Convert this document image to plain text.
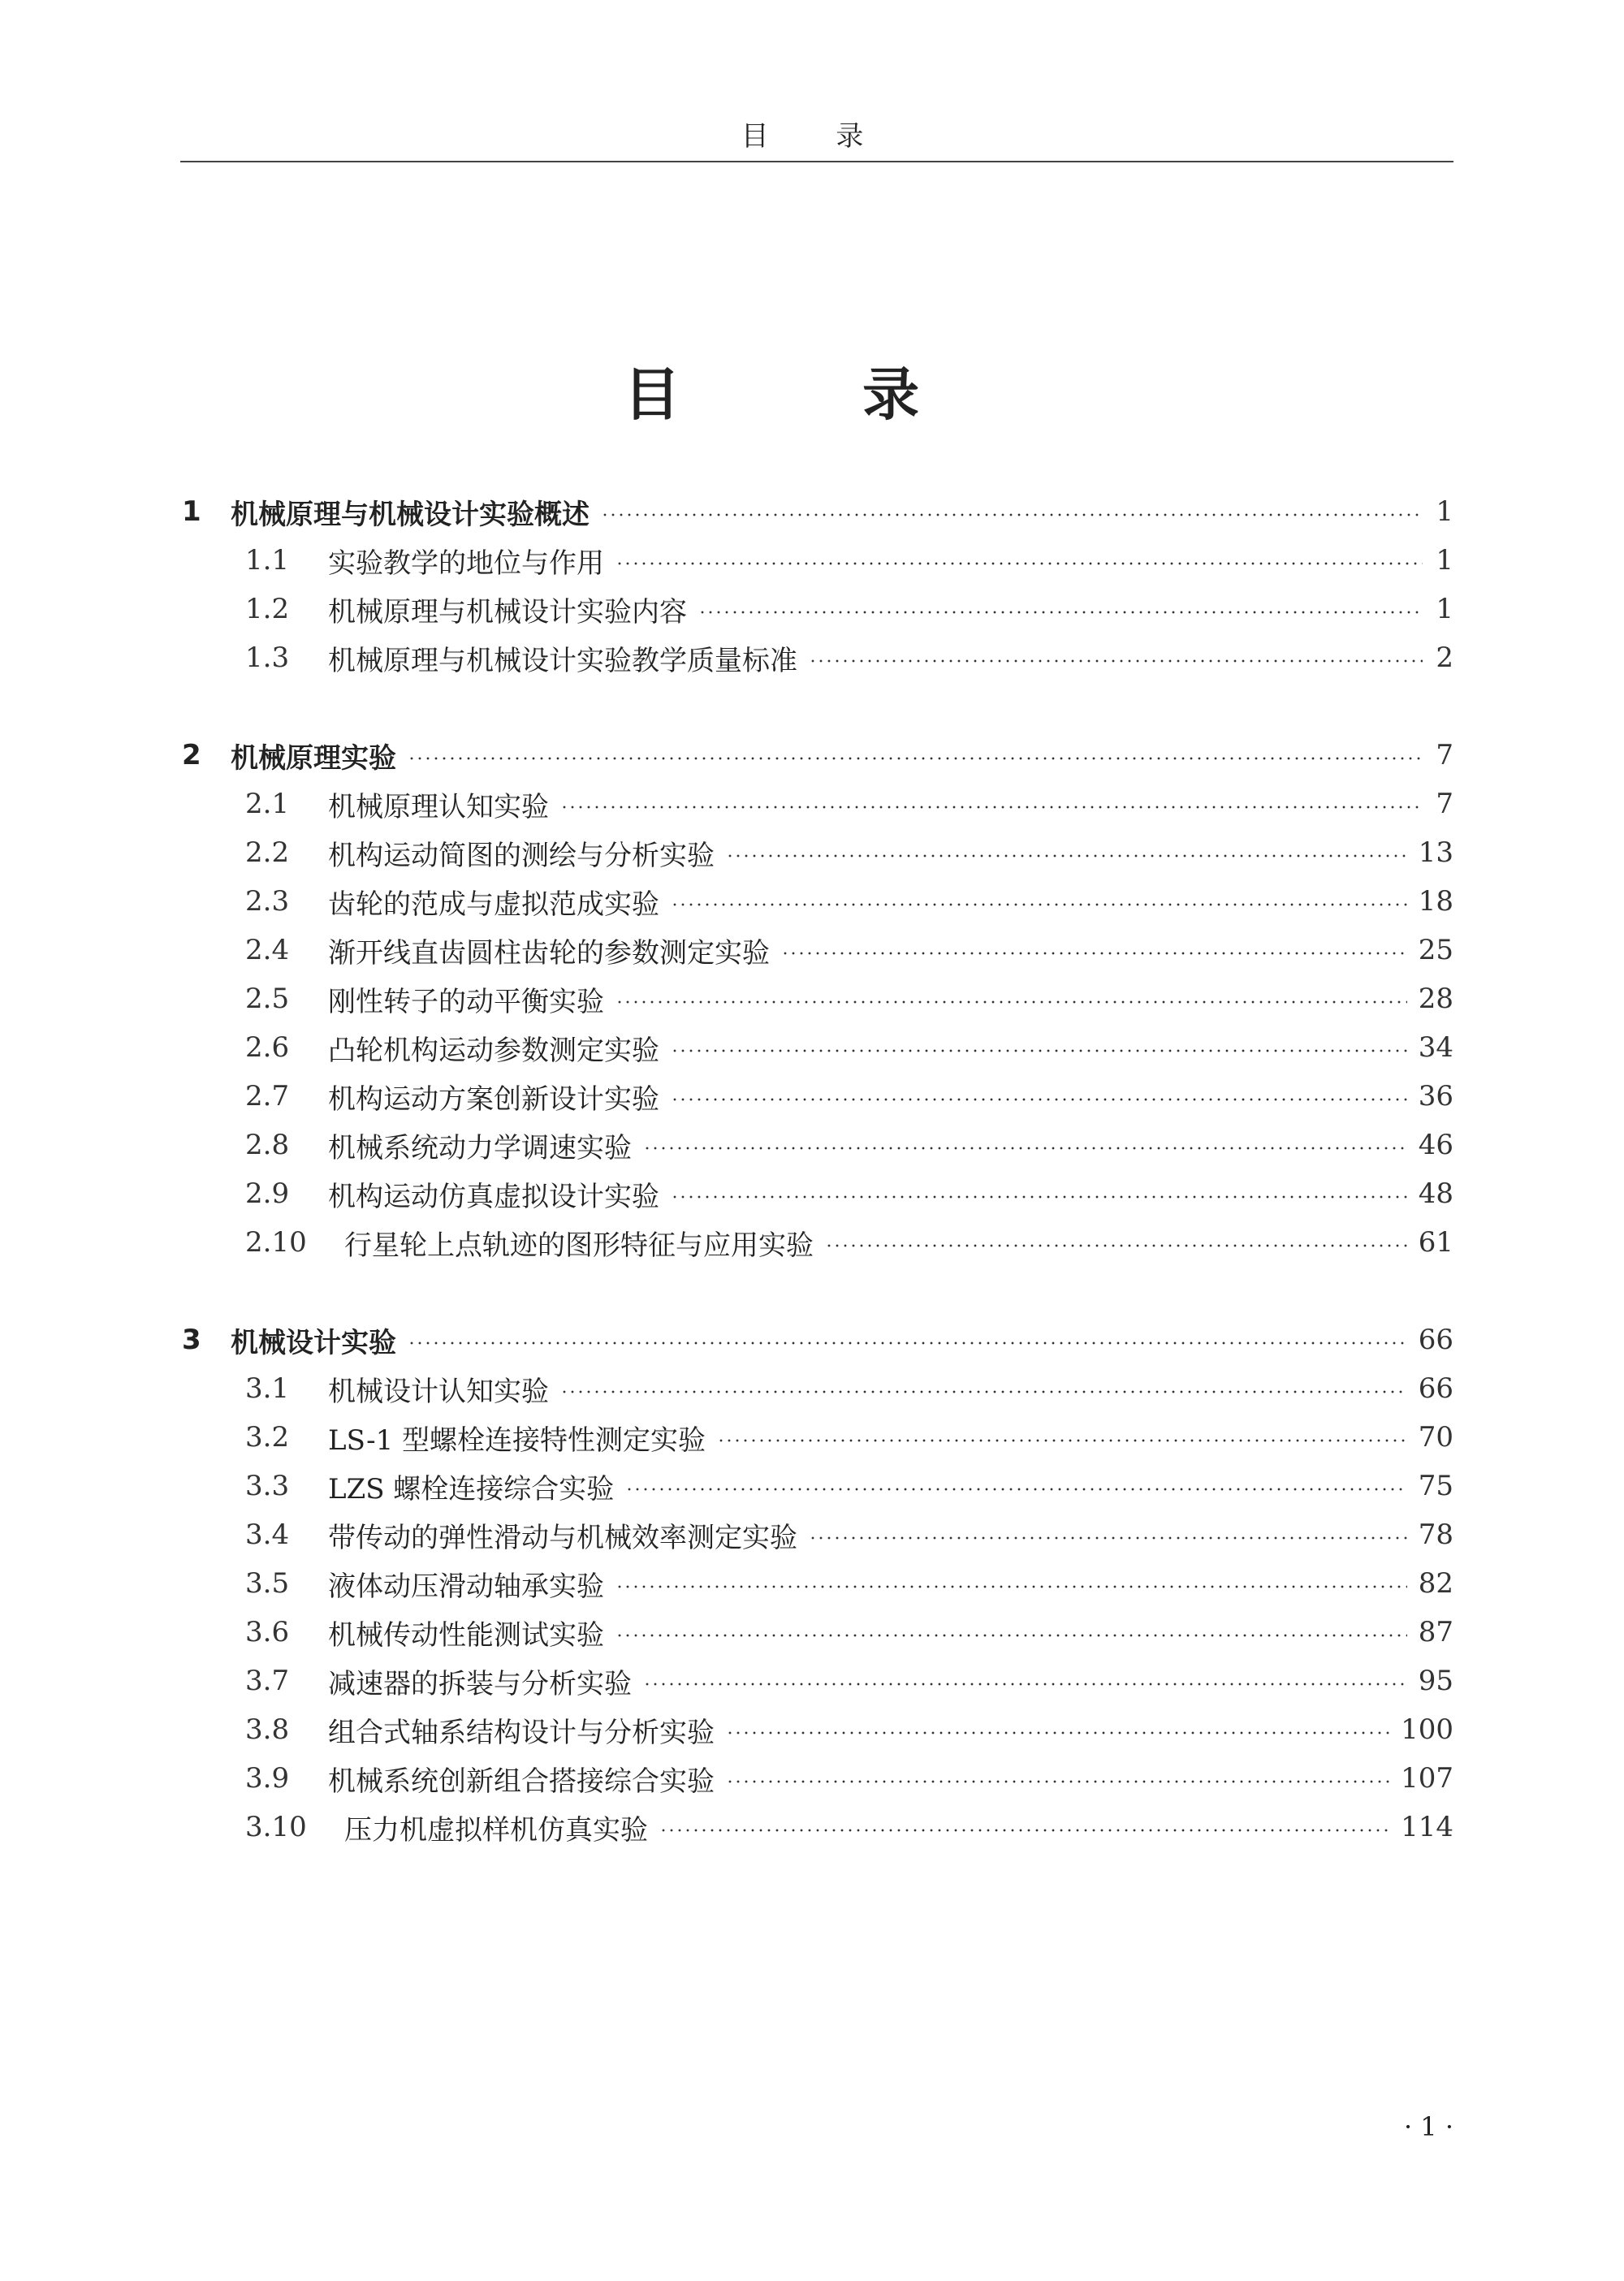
目 录
目 录
1	机械原理与机械设计实验概述	1
1.1	实验教学的地位与作用	1
1.2	机械原理与机械设计实验内容	1
1.3	机械原理与机械设计实验教学质量标准	2
2	机械原理实验	7
2.1	机械原理认知实验	7
2.2	机构运动简图的测绘与分析实验	13
2.3	齿轮的范成与虚拟范成实验	18
2.4	渐开线直齿圆柱齿轮的参数测定实验	25
2.5	刚性转子的动平衡实验	28
2.6	凸轮机构运动参数测定实验	34
2.7	机构运动方案创新设计实验	36
2.8	机械系统动力学调速实验	46
2.9	机构运动仿真虚拟设计实验	48
2.10	行星轮上点轨迹的图形特征与应用实验	61
3	机械设计实验	66
3.1	机械设计认知实验	66
3.2	LS-1 型螺栓连接特性测定实验	70
3.3	LZS 螺栓连接综合实验	75
3.4	带传动的弹性滑动与机械效率测定实验	78
3.5	液体动压滑动轴承实验	82
3.6	机械传动性能测试实验	87
3.7	减速器的拆装与分析实验	95
3.8	组合式轴系结构设计与分析实验	100
3.9	机械系统创新组合搭接综合实验	107
3.10	压力机虚拟样机仿真实验	114
· 1 ·
